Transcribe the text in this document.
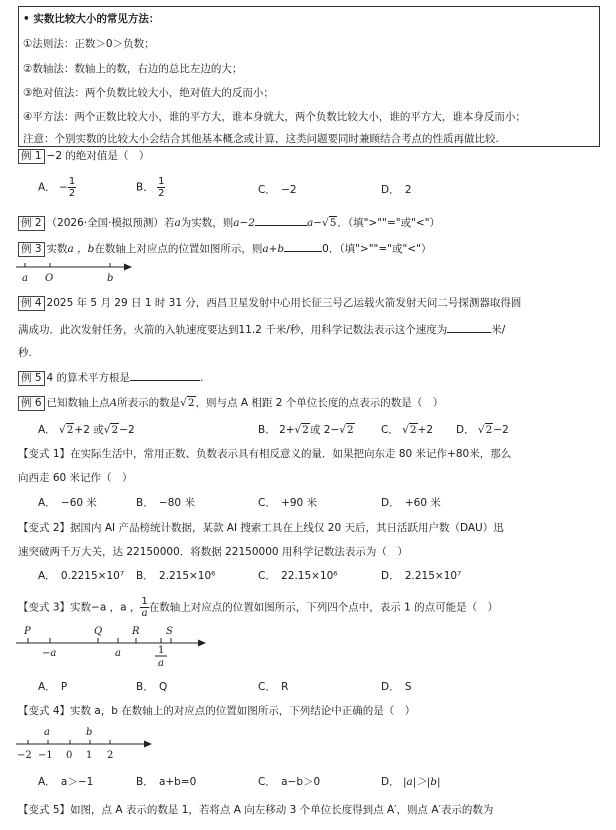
• 实数比较大小的常见方法：
①法则法：正数＞0＞负数；
②数轴法：数轴上的数，右边的总比左边的大；
③绝对值法：两个负数比较大小，绝对值大的反而小；
④平方法：两个正数比较大小，谁的平方大，谁本身就大，两个负数比较大小，谁的平方大，谁本身反而小；
注意：个别实数的比较大小会结合其他基本概念或计算，这类问题要同时兼顾结合考点的性质再做比较.
例 1 −2 的绝对值是（　）
A． − $\frac{1}{2}$	B． $\frac{1}{2}$	C．　−2	D．　2
例 2 （2026·全国·模拟预测）若a为实数，则a−2	a−√5．（填">""="或"<"）
例 3 实数a ，b在数轴上对应点的位置如图所示，则a+b	0．（填">""="或"<"）
a O	b
例 4 2025 年 5 月 29 日 1 时 31 分，西昌卫星发射中心用长征三号乙运载火箭发射天问二号探测器取得圆
满成功．此次发射任务，火箭的入轨速度要达到11.2 千米/秒，用科学记数法表示这个速度为	米/
秒.
例 5 4 的算术平方根是	.
例 6 已知数轴上点A所表示的数是√2，则与点 A 相距 2 个单位长度的点表示的数是（　）
A． √2+2 或√2−2	B． 2+√2或 2−√2	C． √2+2 D． √2−2
【变式 1】在实际生活中，常用正数、负数表示具有相反意义的量．如果把向东走 80 米记作+80米，那么
向西走 60 米记作（　）
A．　−60 米	B．　−80 米	C．　+90 米	D．　+60 米
【变式 2】据国内 AI 产品榜统计数据，某款 AI 搜索工具在上线仅 20 天后，其日活跃用户数（DAU）迅
速突破两千万大关，达 22150000．将数据 22150000 用科学记数法表示为（　）
A．　0.2215×10⁷ B．　2.215×10⁶	C．　22.15×10⁶	D．　2.215×10⁷
【变式 3】实数−a ，a ， $\frac{1}{a}$ 在数轴上对应点的位置如图所示，下列四个点中，表示 1 的点可能是（　）
P	Q	R	S
−a	a	1
a
A．　P	B．　Q	C．　R	D．　S
【变式 4】实数 a，b 在数轴上的对应点的位置如图所示，下列结论中正确的是（　）
a	b
−2 −1 0 1 2
A．　a＞−1	B．　a+b=0	C．　a−b＞0	D． |a|＞|b|
【变式 5】如图，点 A 表示的数是 1，若将点 A 向左移动 3 个单位长度得到点 A′，则点 A′表示的数为
